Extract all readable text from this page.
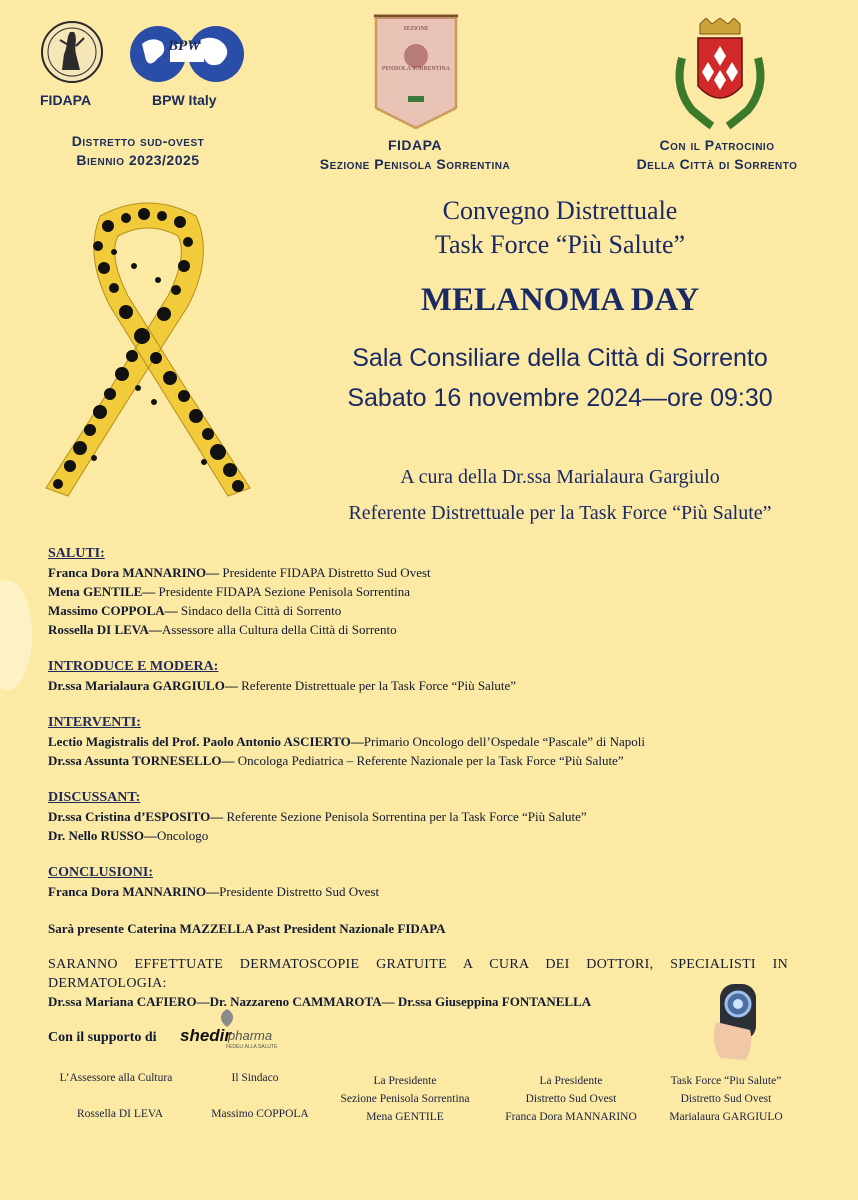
FIDAPA
BPW
BPW Italy
Distretto sud-ovest
Biennio 2023/2025
SEZIONE
PENISOLA SORRENTINA
FIDAPA
Sezione Penisola Sorrentina
Con il Patrocinio
Della Città di Sorrento
Convegno Distrettuale
Task Force “Più Salute”
MELANOMA DAY
Sala Consiliare della Città di Sorrento
Sabato 16 novembre 2024—ore 09:30
A cura della Dr.ssa Marialaura Gargiulo
Referente Distrettuale per la Task Force “Più Salute”
SALUTI:
Franca Dora MANNARINO— Presidente FIDAPA Distretto Sud Ovest
Mena GENTILE— Presidente FIDAPA Sezione Penisola Sorrentina
Massimo COPPOLA— Sindaco della Città di Sorrento
Rossella DI LEVA—Assessore alla Cultura della Città di Sorrento
INTRODUCE E MODERA:
Dr.ssa Marialaura GARGIULO— Referente Distrettuale per la Task Force “Più Salute”
INTERVENTI:
Lectio Magistralis del Prof. Paolo Antonio ASCIERTO—Primario Oncologo dell’Ospedale “Pascale” di Napoli
Dr.ssa Assunta TORNESELLO— Oncologa Pediatrica – Referente Nazionale per la Task Force “Più Salute”
DISCUSSANT:
Dr.ssa Cristina d’ESPOSITO— Referente Sezione Penisola Sorrentina per la Task Force “Più Salute”
Dr. Nello RUSSO—Oncologo
CONCLUSIONI:
Franca Dora MANNARINO—Presidente Distretto Sud Ovest
Sarà presente Caterina MAZZELLA Past President Nazionale FIDAPA
SARANNO EFFETTUATE DERMATOSCOPIE GRATUITE A CURA DEI DOTTORI, SPECIALISTI IN DERMATOLOGIA:
Dr.ssa Mariana CAFIERO—Dr. Nazzareno CAMMAROTA— Dr.ssa Giuseppina FONTANELLA
Con il supporto di shedir
pharma
FEDELI ALLA SALUTE
L’Assessore alla Cultura
Rossella DI LEVA
Il Sindaco
Massimo COPPOLA
La Presidente
Sezione Penisola Sorrentina
Mena GENTILE
La Presidente
Distretto Sud Ovest
Franca Dora MANNARINO
Task Force “Piu Salute”
Distretto Sud Ovest
Marialaura GARGIULO
